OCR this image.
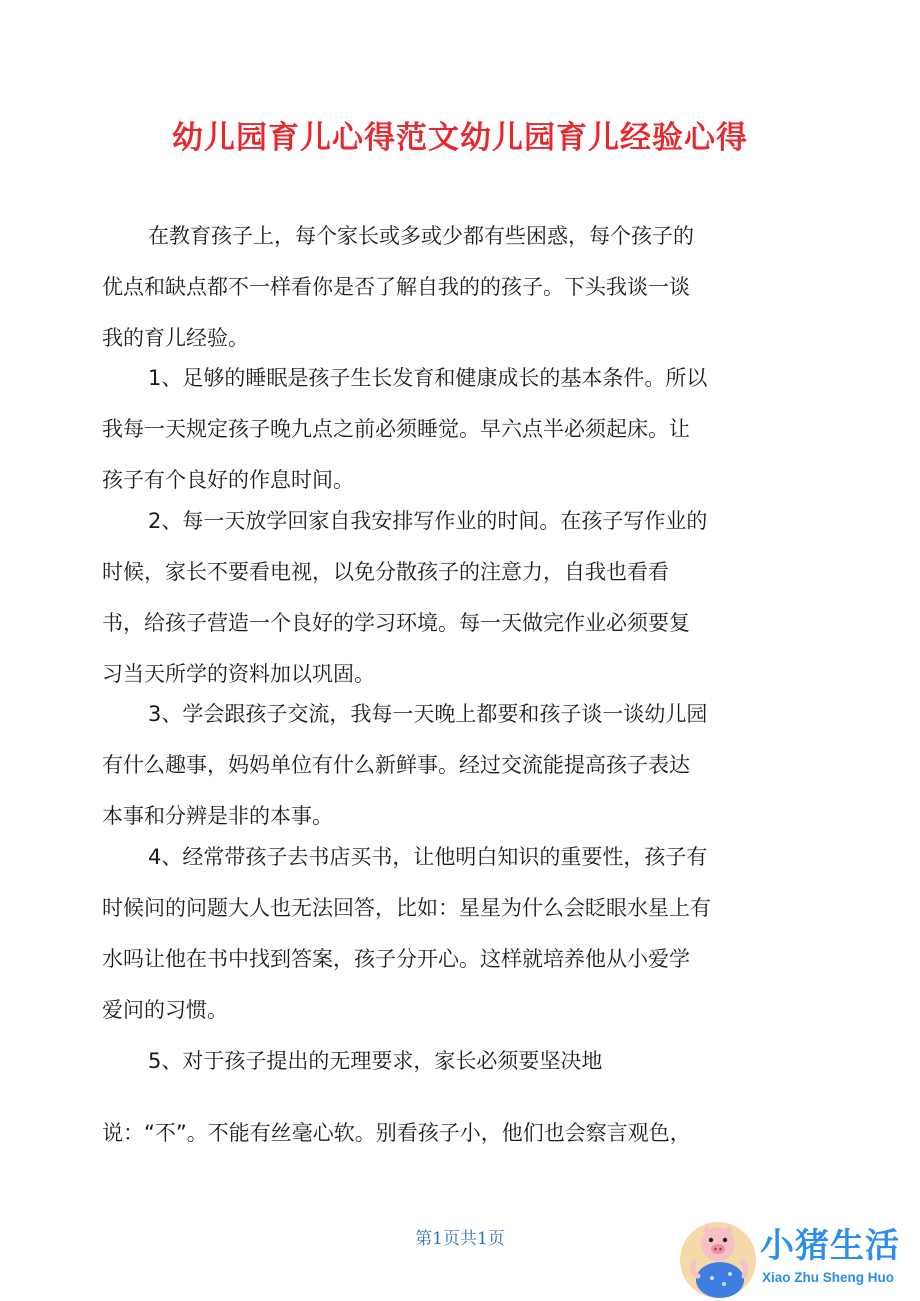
幼儿园育儿心得范文幼儿园育儿经验心得
在教育孩子上，每个家长或多或少都有些困惑，每个孩子的
优点和缺点都不一样看你是否了解自我的的孩子。下头我谈一谈
我的育儿经验。
1、足够的睡眠是孩子生长发育和健康成长的基本条件。所以
我每一天规定孩子晚九点之前必须睡觉。早六点半必须起床。让
孩子有个良好的作息时间。
2、每一天放学回家自我安排写作业的时间。在孩子写作业的
时候，家长不要看电视，以免分散孩子的注意力，自我也看看
书，给孩子营造一个良好的学习环境。每一天做完作业必须要复
习当天所学的资料加以巩固。
3、学会跟孩子交流，我每一天晚上都要和孩子谈一谈幼儿园
有什么趣事，妈妈单位有什么新鲜事。经过交流能提高孩子表达
本事和分辨是非的本事。
4、经常带孩子去书店买书，让他明白知识的重要性，孩子有
时候问的问题大人也无法回答，比如：星星为什么会眨眼水星上有
水吗让他在书中找到答案，孩子分开心。这样就培养他从小爱学
爱问的习惯。
5、对于孩子提出的无理要求，家长必须要坚决地
说：“不”。不能有丝毫心软。别看孩子小，他们也会察言观色，
第1页共1页	小猪生活
Xiao Zhu Sheng Huo
